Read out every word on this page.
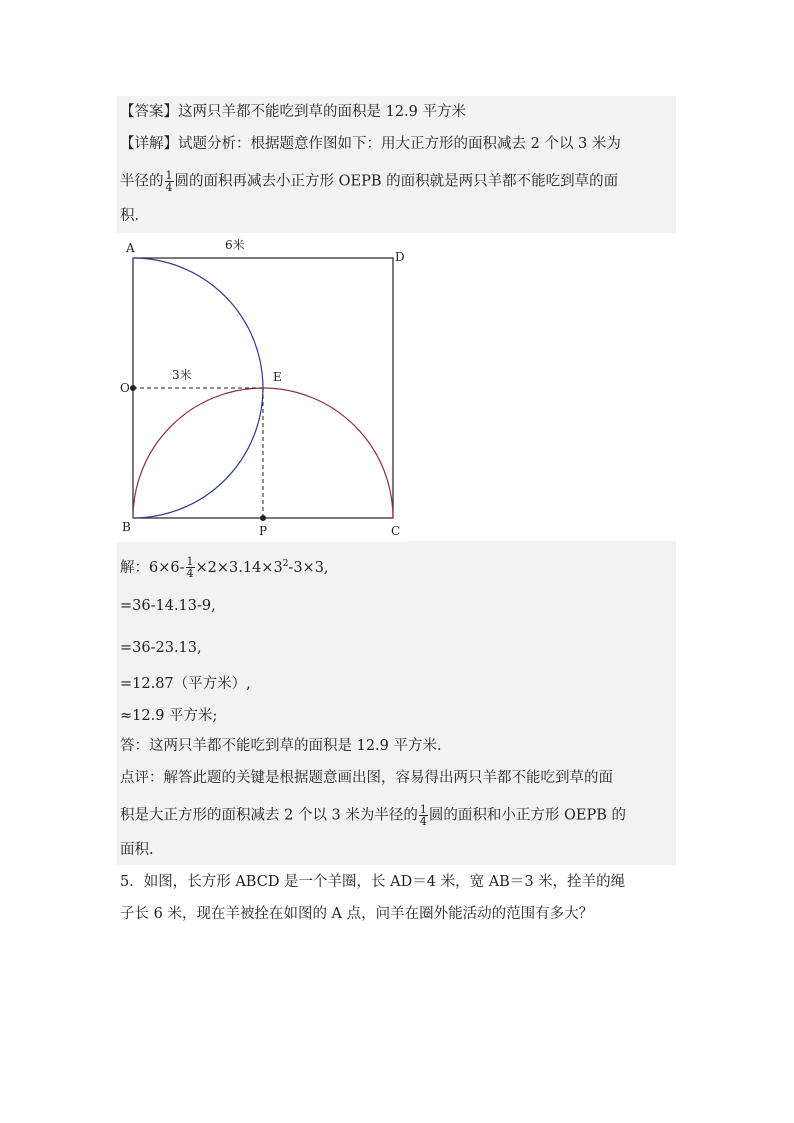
【答案】这两只羊都不能吃到草的面积是 12.9 平方米
【详解】试题分析：根据题意作图如下：用大正方形的面积减去 2 个以 3 米为
半径的 $\frac{1}{4}$ 圆的面积再减去小正方形 OEPB 的面积就是两只羊都不能吃到草的面
积.
A
D
O
E
B	P	C
6米
3米
解：$6\times 6- \frac{1}{4} \times 2\times 3.14\times 3^2-3\times 3$,
=36-14.13-9,
=36-23.13,
=12.87（平方米）,
≈12.9 平方米;
答：这两只羊都不能吃到草的面积是 12.9 平方米.
点评：解答此题的关键是根据题意画出图，容易得出两只羊都不能吃到草的面
积是大正方形的面积减去 2 个以 3 米为半径的 $\frac{1}{4}$ 圆的面积和小正方形 OEPB 的
面积.
5．如图，长方形 ABCD 是一个羊圈，长 AD＝4 米，宽 AB＝3 米，拴羊的绳
子长 6 米，现在羊被拴在如图的 A 点，问羊在圈外能活动的范围有多大？
